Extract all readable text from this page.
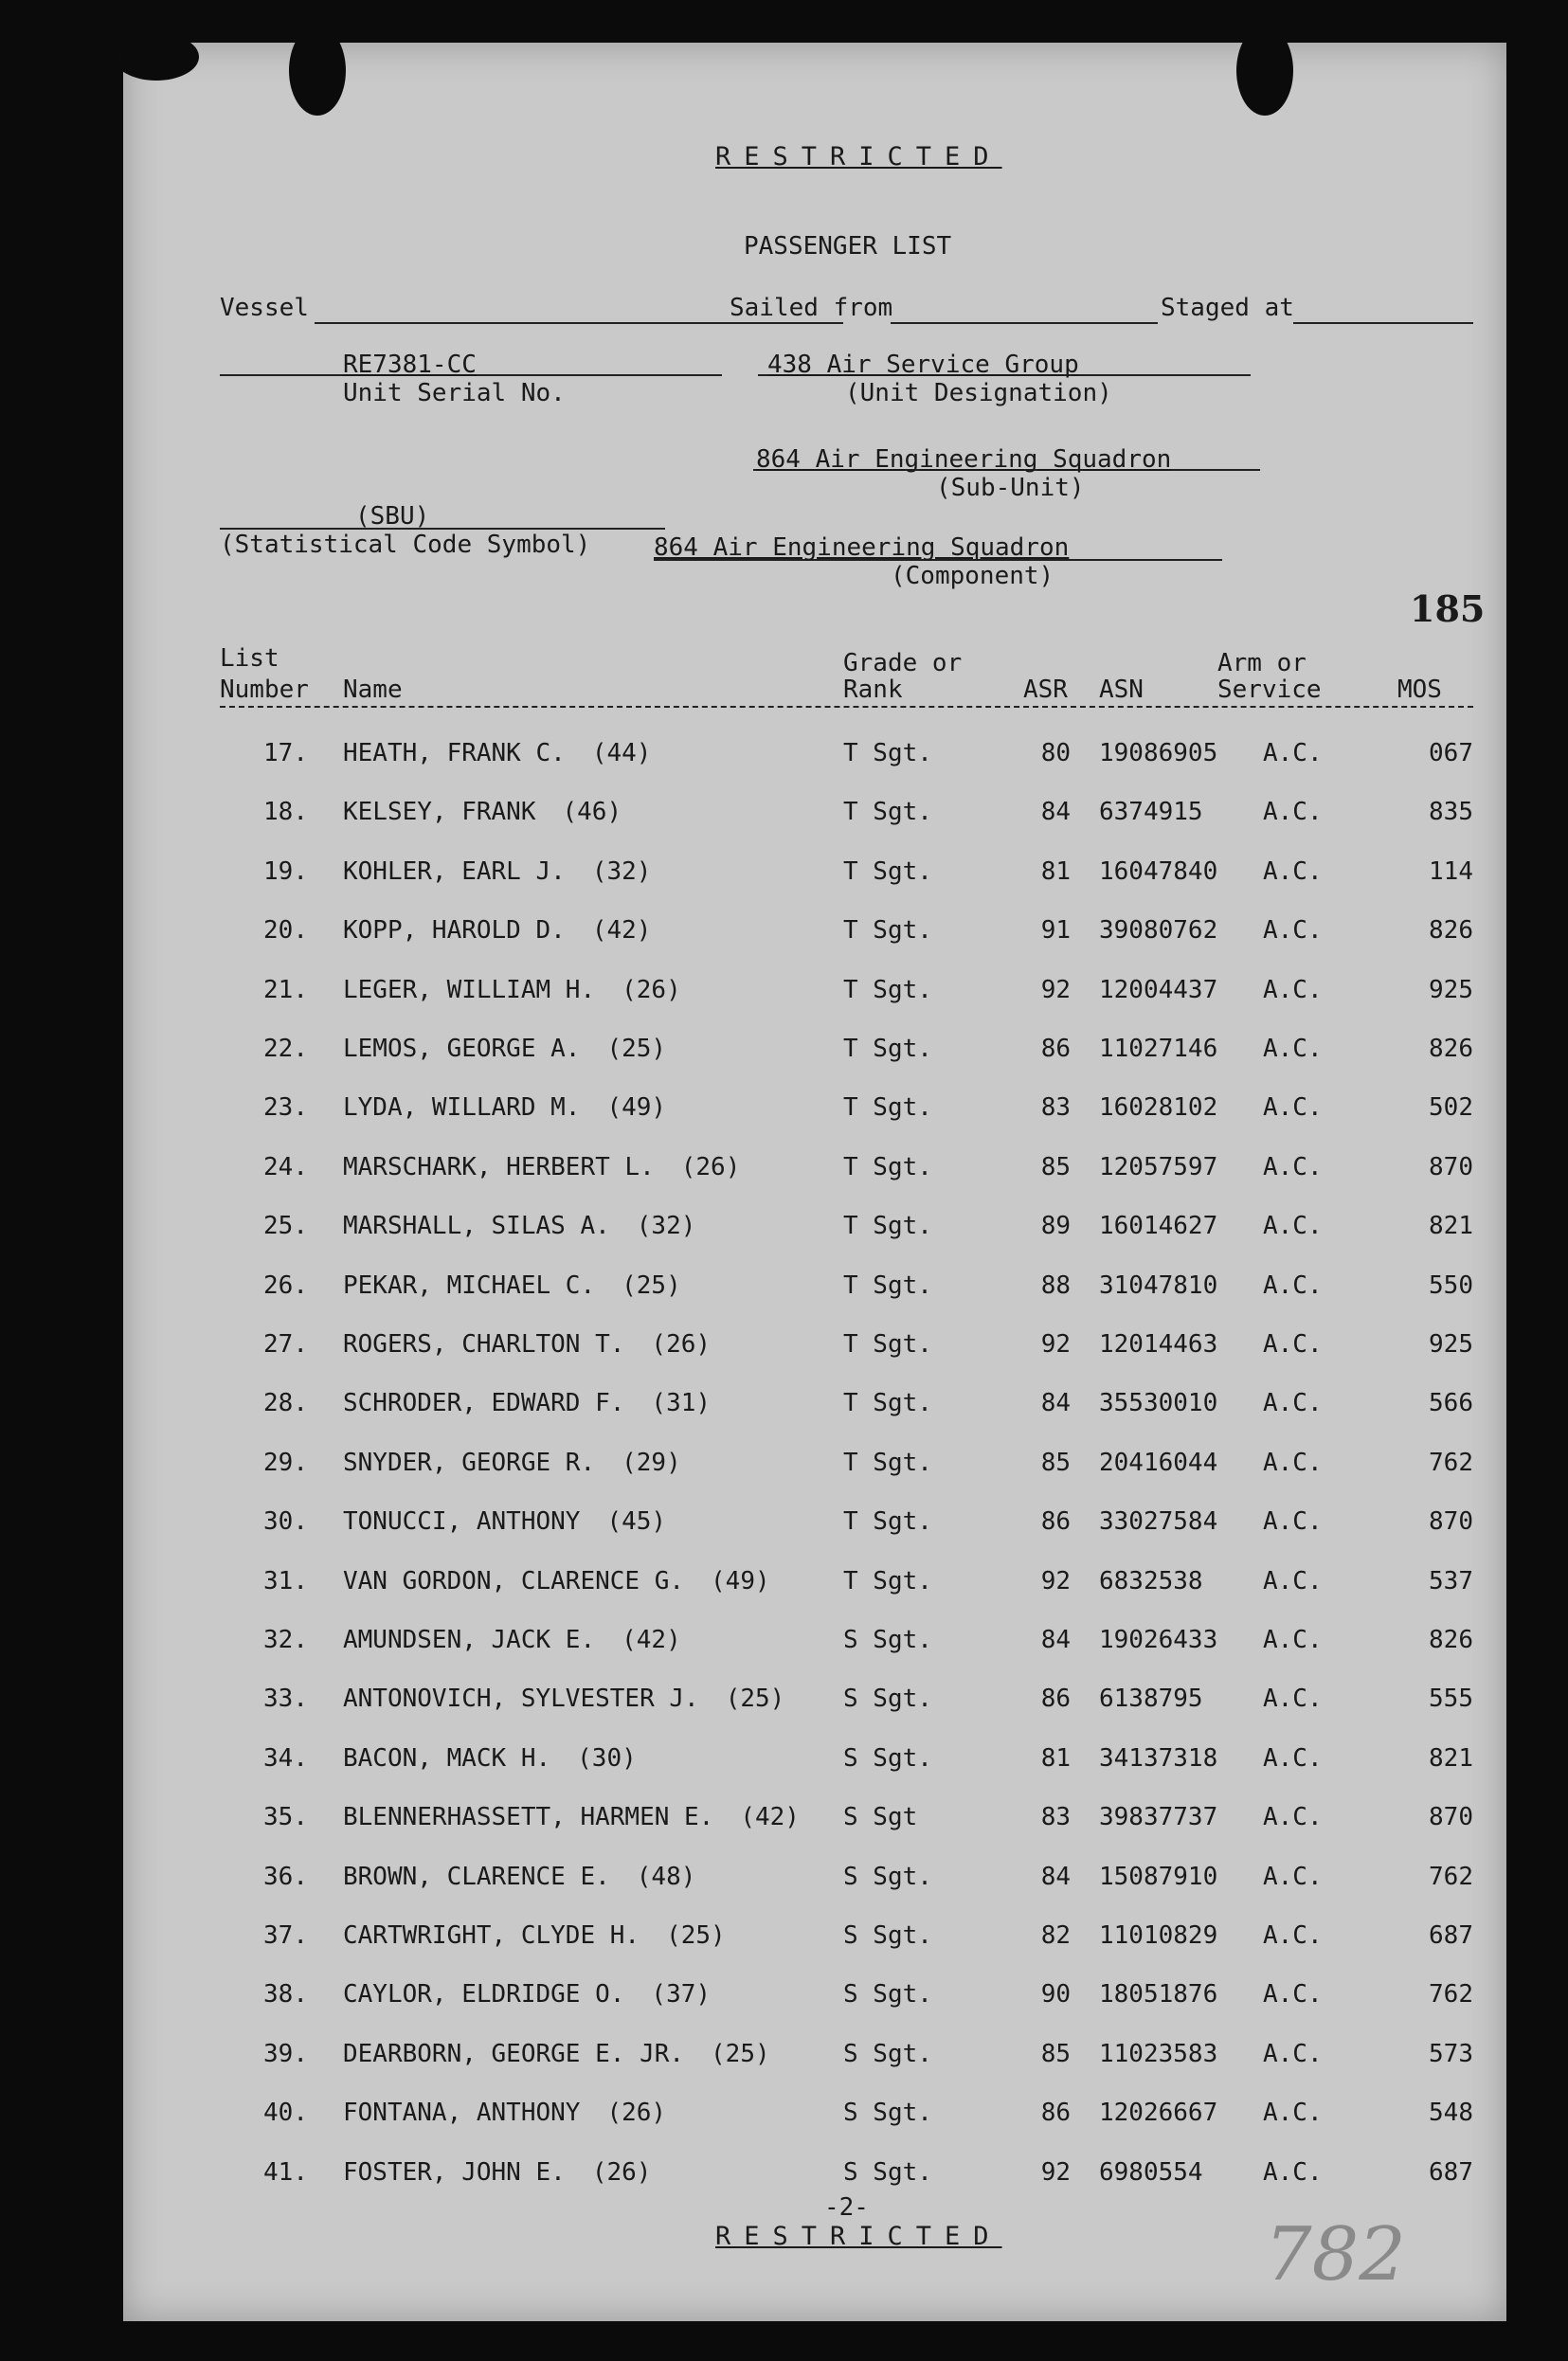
RESTRICTED
PASSENGER LIST
Vessel	Sailed from	Staged at
RE7381-CC
Unit Serial No.
438 Air Service Group
(Unit Designation)
864 Air Engineering Squadron
(Sub-Unit)
(SBU)
(Statistical Code Symbol)	864 Air Engineering Squadron
(Component)
185
List
Number Name
Grade or
Rank	ASR ASN
Arm or
Service	MOS
17. HEATH, FRANK C. (44)	T Sgt.	80 19086905 A.C.	067
18. KELSEY, FRANK (46)	T Sgt.	84 6374915 A.C.	835
19. KOHLER, EARL J. (32)	T Sgt.	81 16047840 A.C.	114
20. KOPP, HAROLD D. (42)	T Sgt.	91 39080762 A.C.	826
21. LEGER, WILLIAM H. (26)	T Sgt.	92 12004437 A.C.	925
22. LEMOS, GEORGE A. (25)	T Sgt.	86 11027146 A.C.	826
23. LYDA, WILLARD M. (49)	T Sgt.	83 16028102 A.C.	502
24. MARSCHARK, HERBERT L. (26)	T Sgt.	85 12057597 A.C.	870
25. MARSHALL, SILAS A. (32)	T Sgt.	89 16014627 A.C.	821
26. PEKAR, MICHAEL C. (25)	T Sgt.	88 31047810 A.C.	550
27. ROGERS, CHARLTON T. (26)	T Sgt.	92 12014463 A.C.	925
28. SCHRODER, EDWARD F. (31)	T Sgt.	84 35530010 A.C.	566
29. SNYDER, GEORGE R. (29)	T Sgt.	85 20416044 A.C.	762
30. TONUCCI, ANTHONY (45)	T Sgt.	86 33027584 A.C.	870
31. VAN GORDON, CLARENCE G. (49)	T Sgt.	92 6832538 A.C.	537
32. AMUNDSEN, JACK E. (42)	S Sgt.	84 19026433 A.C.	826
33. ANTONOVICH, SYLVESTER J. (25) S Sgt.	86 6138795 A.C.	555
34. BACON, MACK H. (30)	S Sgt.	81 34137318 A.C.	821
35. BLENNERHASSETT, HARMEN E. (42) S Sgt	83 39837737 A.C.	870
36. BROWN, CLARENCE E. (48)	S Sgt.	84 15087910 A.C.	762
37. CARTWRIGHT, CLYDE H. (25)	S Sgt.	82 11010829 A.C.	687
38. CAYLOR, ELDRIDGE O. (37)	S Sgt.	90 18051876 A.C.	762
39. DEARBORN, GEORGE E. JR. (25)	S Sgt.	85 11023583 A.C.	573
40. FONTANA, ANTHONY (26)	S Sgt.	86 12026667 A.C.	548
41. FOSTER, JOHN E. (26)	S Sgt.	92 6980554 A.C.	687
-2-
RESTRICTED	782
